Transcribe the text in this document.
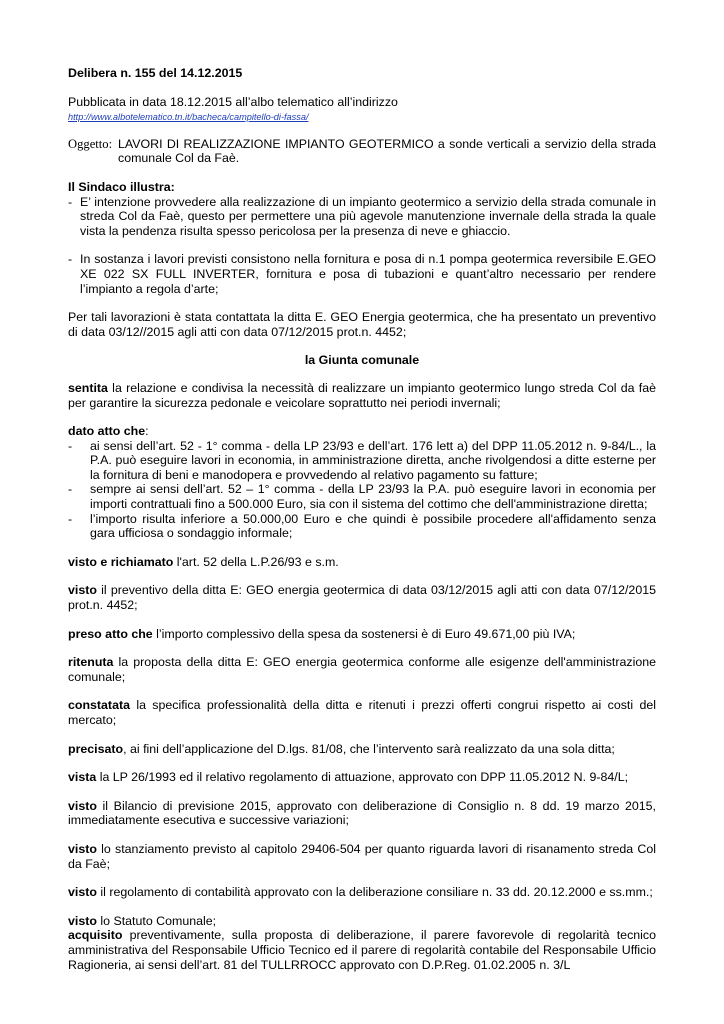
Delibera n. 155 del 14.12.2015

Pubblicata in data 18.12.2015 all’albo telematico all’indirizzo

http://www.albotelematico.tn.it/bacheca/campitello-di-fassa/

Oggetto: LAVORI DI REALIZZAZIONE IMPIANTO GEOTERMICO a sonde verticali a servizio della strada comunale Col da Faè.

Il Sindaco illustra:

- E’ intenzione provvedere alla realizzazione di un impianto geotermico a servizio della strada comunale in streda Col da Faè, questo per permettere una più agevole manutenzione invernale della strada la quale vista la pendenza risulta spesso pericolosa per la presenza di neve e ghiaccio.
- In sostanza i lavori previsti consistono nella fornitura e posa di n.1 pompa geotermica reversibile E.GEO XE 022 SX FULL INVERTER, fornitura e posa di tubazioni e quant’altro necessario per rendere l’impianto a regola d’arte;

Per tali lavorazioni è stata contattata la ditta E. GEO Energia geotermica, che ha presentato un preventivo di data 03/12//2015 agli atti con data 07/12/2015 prot.n. 4452;

la Giunta comunale

sentita la relazione e condivisa la necessità di realizzare un impianto geotermico lungo streda Col da faè per garantire la sicurezza pedonale e veicolare soprattutto nei periodi invernali;

dato atto che:

-	ai sensi dell’art. 52 - 1° comma - della LP 23/93 e dell’art. 176 lett a) del DPP 11.05.2012 n. 9-84/L., la P.A. può eseguire lavori in economia, in amministrazione diretta, anche rivolgendosi a ditte esterne per la fornitura di beni e manodopera e provvedendo al relativo pagamento su fatture;
-	sempre ai sensi dell’art. 52 – 1° comma - della LP 23/93 la P.A. può eseguire lavori in economia per importi contrattuali fino a 500.000 Euro, sia con il sistema del cottimo che dell'amministrazione diretta;
-	l’importo risulta inferiore a 50.000,00 Euro e che quindi è possibile procedere all'affidamento senza gara ufficiosa o sondaggio informale;

visto e richiamato l'art. 52 della L.P.26/93 e s.m.

visto il preventivo della ditta E: GEO energia geotermica di data 03/12/2015 agli atti con data 07/12/2015 prot.n. 4452;

preso atto che l’importo complessivo della spesa da sostenersi è di Euro 49.671,00 più IVA;

ritenuta la proposta della ditta E: GEO energia geotermica conforme alle esigenze dell'amministrazione comunale;

constatata la specifica professionalità della ditta e ritenuti i prezzi offerti congrui rispetto ai costi del mercato;

precisato, ai fini dell’applicazione del D.lgs. 81/08, che l’intervento sarà realizzato da una sola ditta;

vista la LP 26/1993 ed il relativo regolamento di attuazione, approvato con DPP 11.05.2012 N. 9-84/L;

visto il Bilancio di previsione 2015, approvato con deliberazione di Consiglio n. 8 dd. 19 marzo 2015, immediatamente esecutiva e successive variazioni;

visto lo stanziamento previsto al capitolo 29406-504 per quanto riguarda lavori di risanamento streda Col da Faè;

visto il regolamento di contabilità approvato con la deliberazione consiliare n. 33 dd. 20.12.2000 e ss.mm.;

visto lo Statuto Comunale;

acquisito preventivamente, sulla proposta di deliberazione, il parere favorevole di regolarità tecnico amministrativa del Responsabile Ufficio Tecnico ed il parere di regolarità contabile del Responsabile Ufficio Ragioneria, ai sensi dell’art. 81 del TULLRROCC approvato con D.P.Reg. 01.02.2005 n. 3/L
